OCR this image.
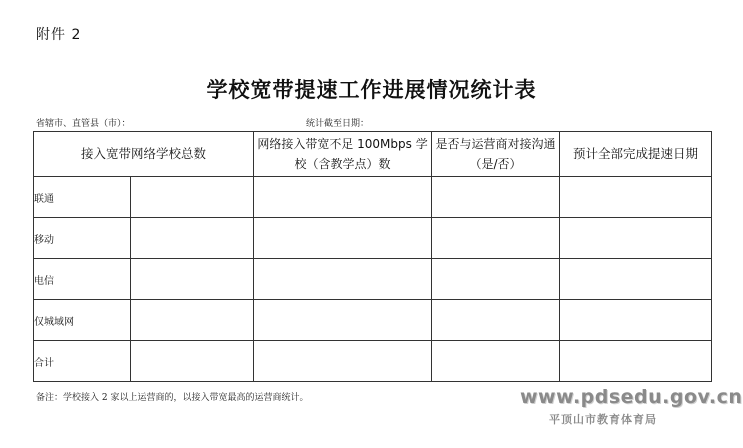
附件 2
学校宽带提速工作进展情况统计表
省辖市、直管县（市）：	统计截至日期：
接入宽带网络学校总数		网络接入带宽不足 100Mbps 学校（含教学点）数	是否与运营商对接沟通（是/否）	预计全部完成提速日期
联通				
移动				
电信				
仅城域网				
合计				
备注：学校接入 2 家以上运营商的，以接入带宽最高的运营商统计。	www.pdsedu.gov.cn
平顶山市教育体育局
